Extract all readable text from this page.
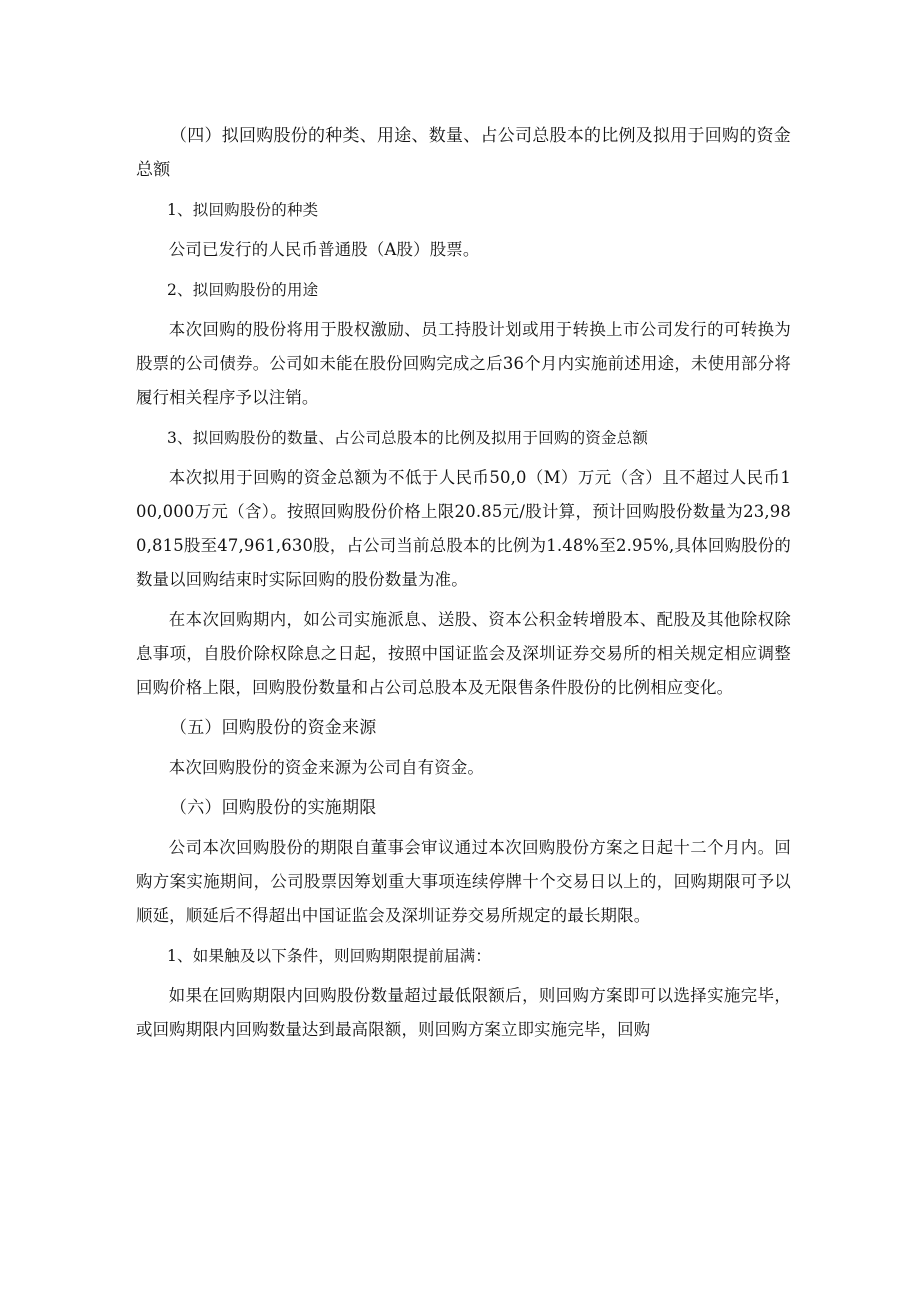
（四）拟回购股份的种类、用途、数量、占公司总股本的比例及拟用于回购的资金总额

1、拟回购股份的种类

公司已发行的人民币普通股（A股）股票。

2、拟回购股份的用途

本次回购的股份将用于股权激励、员工持股计划或用于转换上市公司发行的可转换为股票的公司债券。公司如未能在股份回购完成之后36个月内实施前述用途，未使用部分将履行相关程序予以注销。

3、拟回购股份的数量、占公司总股本的比例及拟用于回购的资金总额

本次拟用于回购的资金总额为不低于人民币50,0（M）万元（含）且不超过人民币100,000万元（含）。按照回购股份价格上限20.85元/股计算，预计回购股份数量为23,980,815股至47,961,630股，占公司当前总股本的比例为1.48%至2.95%,具体回购股份的数量以回购结束时实际回购的股份数量为准。

在本次回购期内，如公司实施派息、送股、资本公积金转增股本、配股及其他除权除息事项，自股价除权除息之日起，按照中国证监会及深圳证券交易所的相关规定相应调整回购价格上限，回购股份数量和占公司总股本及无限售条件股份的比例相应变化。

（五）回购股份的资金来源

本次回购股份的资金来源为公司自有资金。

（六）回购股份的实施期限

公司本次回购股份的期限自董事会审议通过本次回购股份方案之日起十二个月内。回购方案实施期间，公司股票因筹划重大事项连续停牌十个交易日以上的，回购期限可予以顺延，顺延后不得超出中国证监会及深圳证券交易所规定的最长期限。

1、如果触及以下条件，则回购期限提前届满：

如果在回购期限内回购股份数量超过最低限额后，则回购方案即可以选择实施完毕，或回购期限内回购数量达到最高限额，则回购方案立即实施完毕，回购
